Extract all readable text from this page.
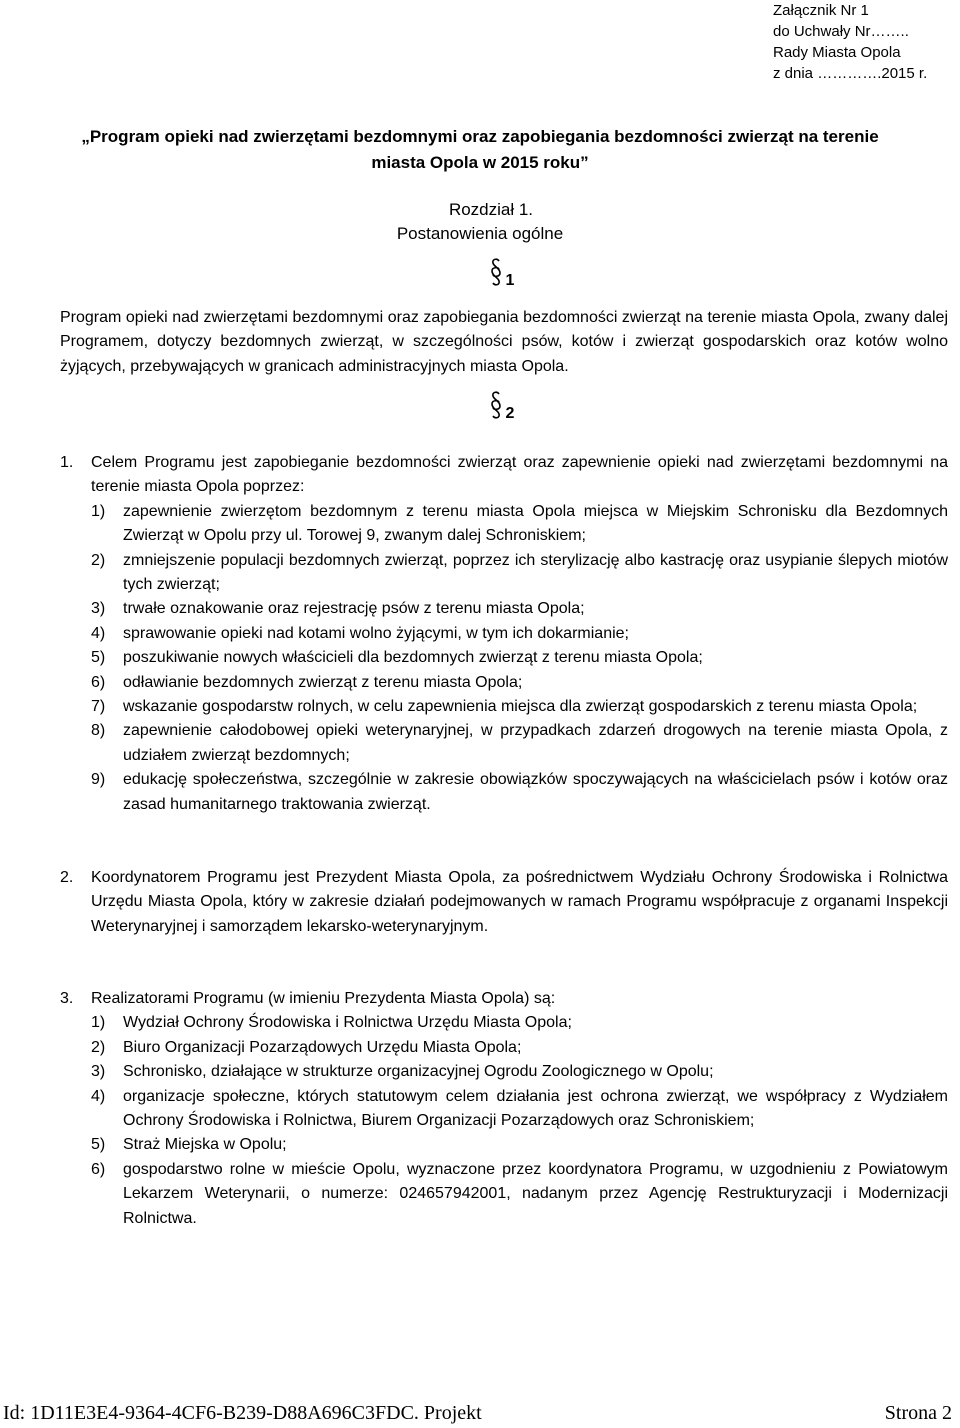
Załącznik Nr 1
do Uchwały Nr……..
Rady Miasta Opola
z dnia ………….2015 r.
„Program opieki nad zwierzętami bezdomnymi oraz zapobiegania bezdomności zwierząt na terenie
miasta Opola w 2015 roku”
Rozdział 1.
Postanowienia ogólne
1
Program opieki nad zwierzętami bezdomnymi oraz zapobiegania bezdomności zwierząt na terenie miasta Opola, zwany dalej Programem, dotyczy bezdomnych zwierząt, w szczególności psów, kotów i zwierząt gospodarskich oraz kotów wolno żyjących, przebywających w granicach administracyjnych miasta Opola.
2
1.	Celem Programu jest zapobieganie bezdomności zwierząt oraz zapewnienie opieki nad zwierzętami bezdomnymi na terenie miasta Opola poprzez:
1)	zapewnienie zwierzętom bezdomnym z terenu miasta Opola miejsca w Miejskim Schronisku dla Bezdomnych Zwierząt w Opolu przy ul. Torowej 9, zwanym dalej Schroniskiem;
2)	zmniejszenie populacji bezdomnych zwierząt, poprzez ich sterylizację albo kastrację oraz usypianie ślepych miotów tych zwierząt;
3)	trwałe oznakowanie oraz rejestrację psów z terenu miasta Opola;
4)	sprawowanie opieki nad kotami wolno żyjącymi, w tym ich dokarmianie;
5)	poszukiwanie nowych właścicieli dla bezdomnych zwierząt z terenu miasta Opola;
6)	odławianie bezdomnych zwierząt z terenu miasta Opola;
7)	wskazanie gospodarstw rolnych, w celu zapewnienia miejsca dla zwierząt gospodarskich z terenu miasta Opola;
8)	zapewnienie całodobowej opieki weterynaryjnej, w przypadkach zdarzeń drogowych na terenie miasta Opola, z udziałem zwierząt bezdomnych;
9)	edukację społeczeństwa, szczególnie w zakresie obowiązków spoczywających na właścicielach psów i kotów oraz zasad humanitarnego traktowania zwierząt.
2.	Koordynatorem Programu jest Prezydent Miasta Opola, za pośrednictwem Wydziału Ochrony Środowiska i Rolnictwa Urzędu Miasta Opola, który w zakresie działań podejmowanych w ramach Programu współpracuje z organami Inspekcji Weterynaryjnej i samorządem lekarsko-weterynaryjnym.
3.	Realizatorami Programu (w imieniu Prezydenta Miasta Opola) są:
1)	Wydział Ochrony Środowiska i Rolnictwa Urzędu Miasta Opola;
2)	Biuro Organizacji Pozarządowych Urzędu Miasta Opola;
3)	Schronisko, działające w strukturze organizacyjnej Ogrodu Zoologicznego w Opolu;
4)	organizacje społeczne, których statutowym celem działania jest ochrona zwierząt, we współpracy z Wydziałem Ochrony Środowiska i Rolnictwa, Biurem Organizacji Pozarządowych oraz Schroniskiem;
5)	Straż Miejska w Opolu;
6)	gospodarstwo rolne w mieście Opolu, wyznaczone przez koordynatora Programu, w uzgodnieniu z Powiatowym Lekarzem Weterynarii, o numerze: 024657942001, nadanym przez Agencję Restrukturyzacji i Modernizacji Rolnictwa.
Id: 1D11E3E4-9364-4CF6-B239-D88A696C3FDC. Projekt	Strona 2
